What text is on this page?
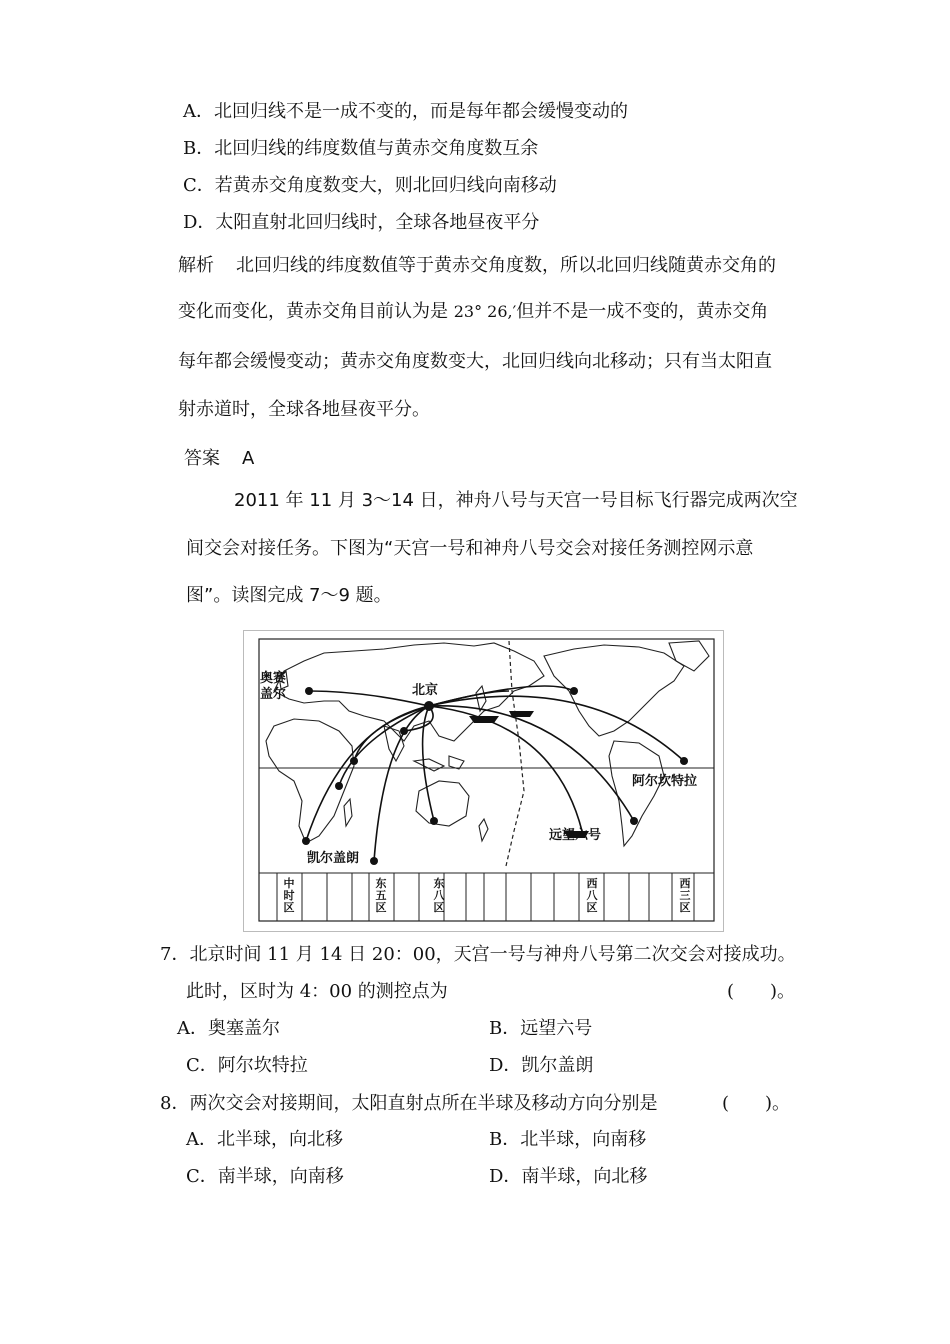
A．北回归线不是一成不变的，而是每年都会缓慢变动的
B．北回归线的纬度数值与黄赤交角度数互余
C．若黄赤交角度数变大，则北回归线向南移动
D．太阳直射北回归线时，全球各地昼夜平分
解析 北回归线的纬度数值等于黄赤交角度数，所以北回归线随黄赤交角的
变化而变化，黄赤交角目前认为是 23° 26,′但并不是一成不变的，黄赤交角
每年都会缓慢变动；黄赤交角度数变大，北回归线向北移动；只有当太阳直
射赤道时，全球各地昼夜平分。
答案 A
2011 年 11 月 3～14 日，神舟八号与天宫一号目标飞行器完成两次空
间交会对接任务。下图为“天宫一号和神舟八号交会对接任务测控网示意
图”。读图完成 7～9 题。
奥赛
盖尔	北京
阿尔坎特拉
远望六号
凯尔盖朗
中时区
东五区
东八区
西八区
西三区
7．北京时间 11 月 14 日 20：00，天宫一号与神舟八号第二次交会对接成功。
此时，区时为 4：00 的测控点为	(　　)。
A．奥塞盖尔	B．远望六号
C．阿尔坎特拉	D．凯尔盖朗
8．两次交会对接期间，太阳直射点所在半球及移动方向分别是	(　　)。
A．北半球，向北移	B．北半球，向南移
C．南半球，向南移	D．南半球，向北移
